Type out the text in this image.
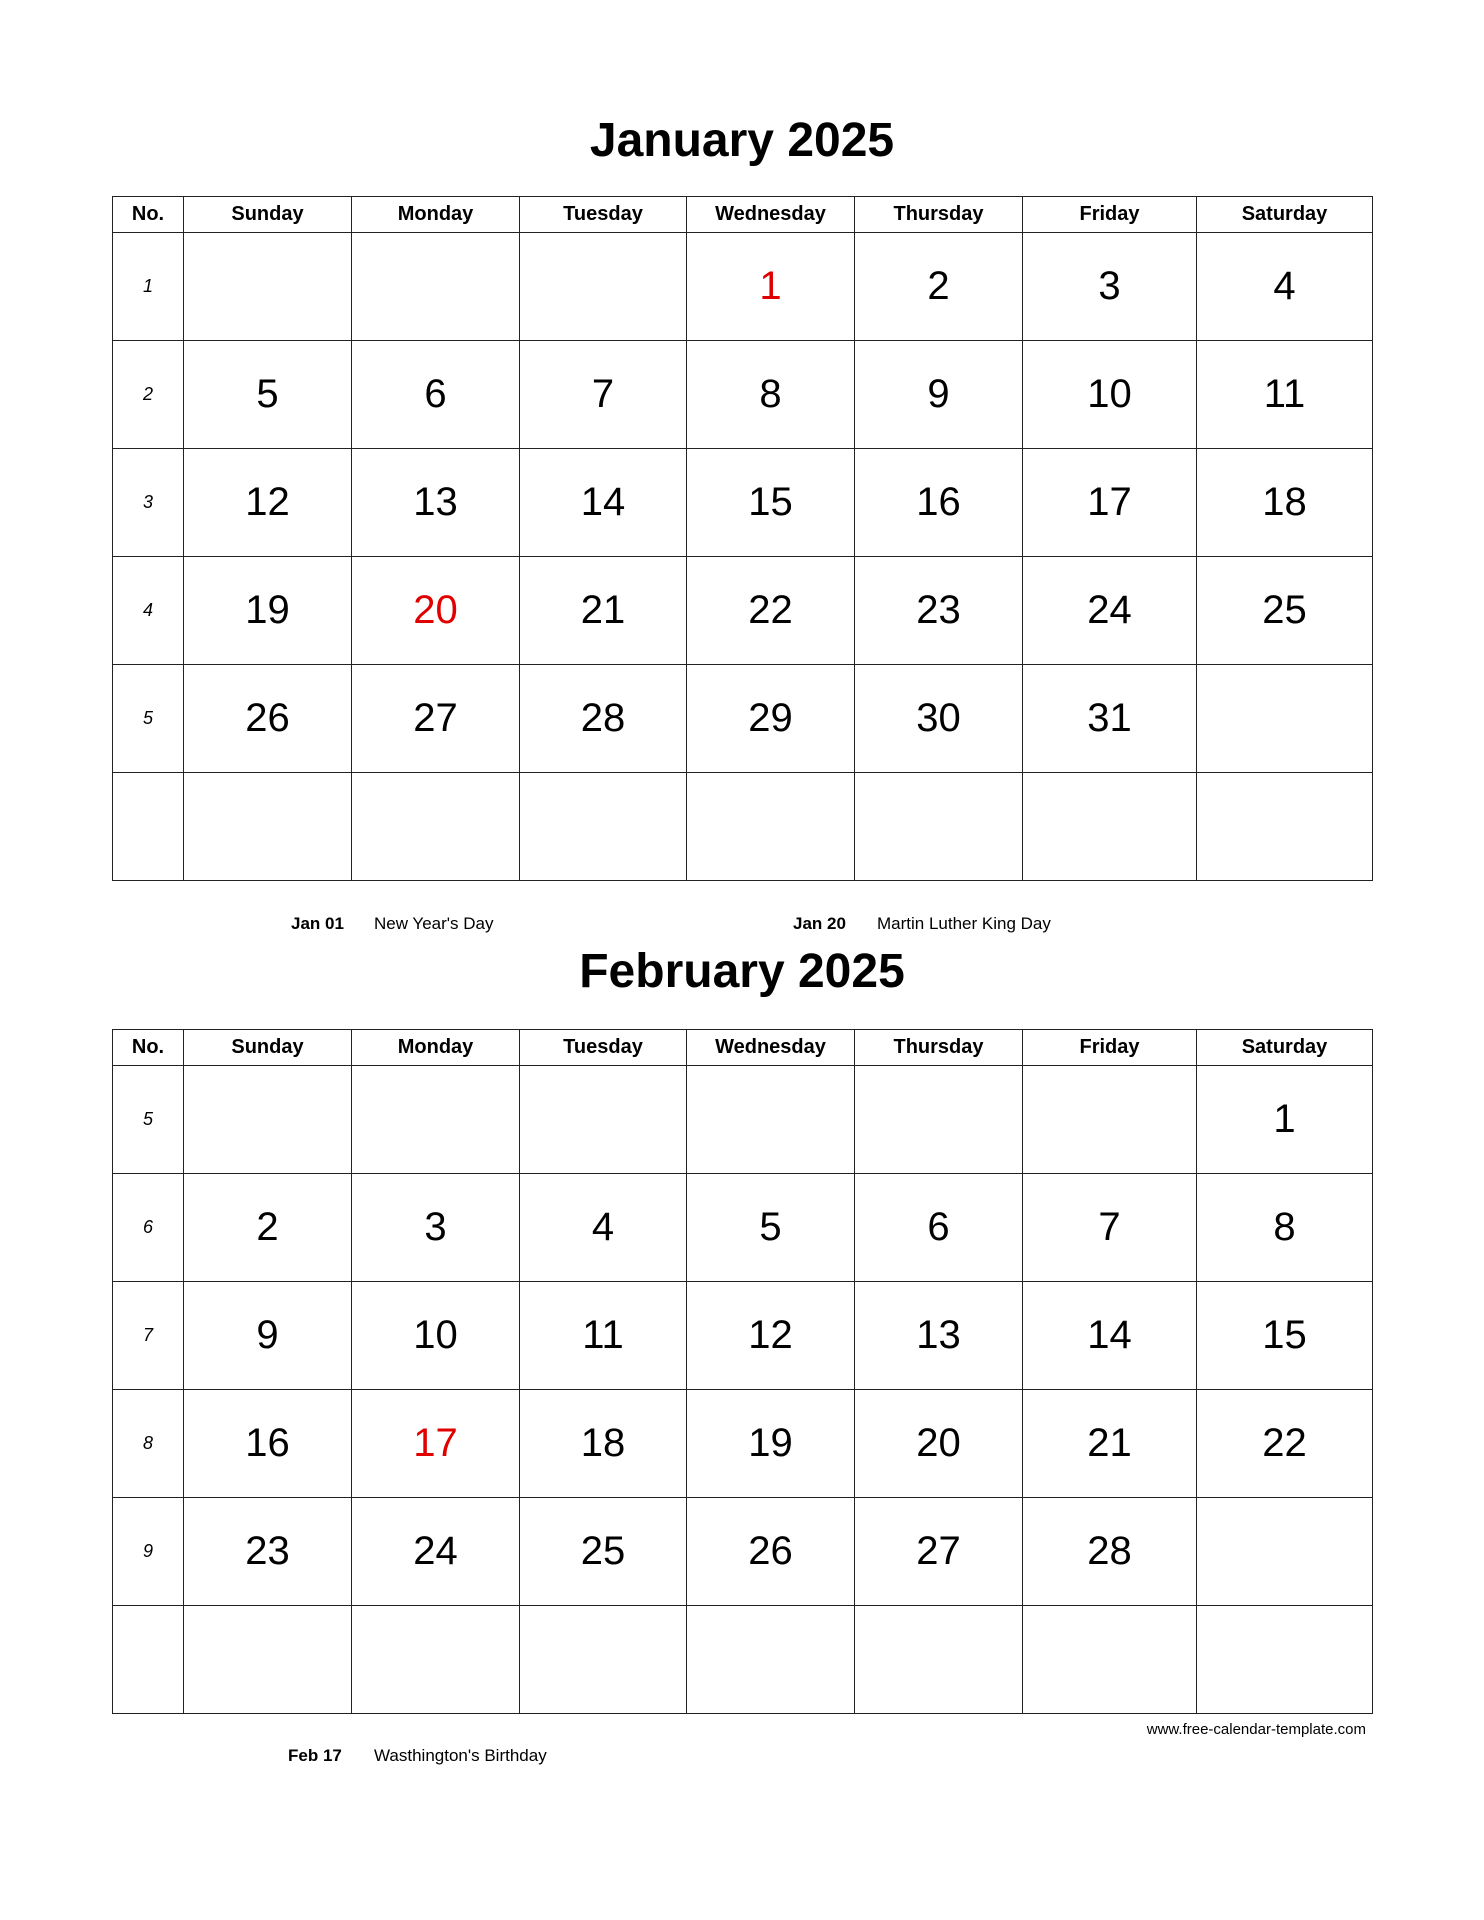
January 2025
No.	Sunday	Monday	Tuesday	Wednesday	Thursday	Friday	Saturday
1				1	2	3	4
2	5	6	7	8	9	10	11
3	12	13	14	15	16	17	18
4	19	20	21	22	23	24	25
5	26	27	28	29	30	31	

Jan 01 New Year's Day	Jan 20 Martin Luther King Day
February 2025
No.	Sunday	Monday	Tuesday	Wednesday	Thursday	Friday	Saturday
5							1
6	2	3	4	5	6	7	8
7	9	10	11	12	13	14	15
8	16	17	18	19	20	21	22
9	23	24	25	26	27	28	

www.free-calendar-template.com
Feb 17 Wasthington's Birthday
